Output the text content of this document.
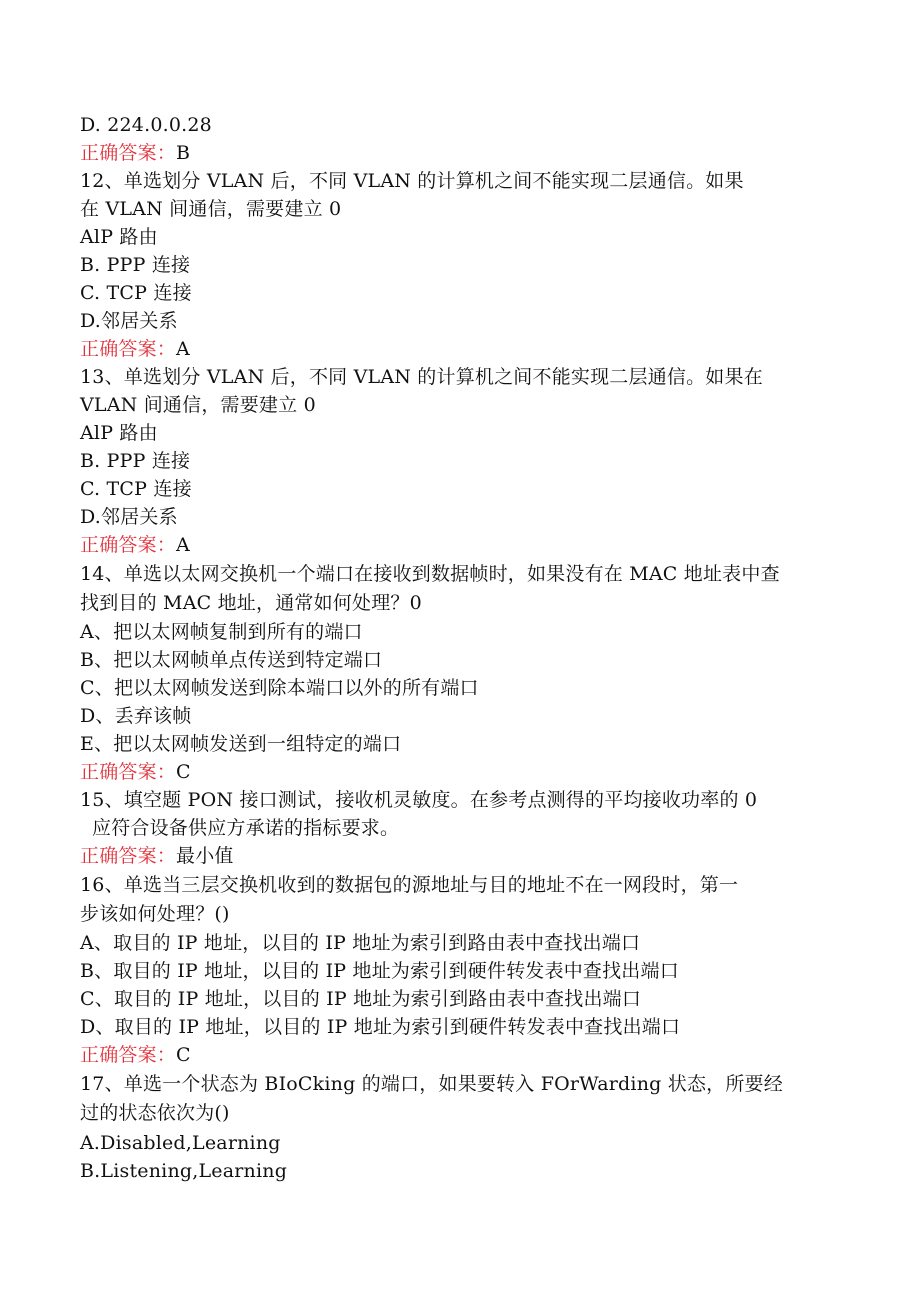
D. 224.0.0.28
正确答案：B
12、单选划分 VLAN 后，不同 VLAN 的计算机之间不能实现二层通信。如果
在 VLAN 间通信，需要建立 0
AlP 路由
B. PPP 连接
C. TCP 连接
D.邻居关系
正确答案：A
13、单选划分 VLAN 后，不同 VLAN 的计算机之间不能实现二层通信。如果在
VLAN 间通信，需要建立 0
AlP 路由
B. PPP 连接
C. TCP 连接
D.邻居关系
正确答案：A
14、单选以太网交换机一个端口在接收到数据帧时，如果没有在 MAC 地址表中查
找到目的 MAC 地址，通常如何处理？0
A、把以太网帧复制到所有的端口
B、把以太网帧单点传送到特定端口
C、把以太网帧发送到除本端口以外的所有端口
D、丢弃该帧
E、把以太网帧发送到一组特定的端口
正确答案：C
15、填空题 PON 接口测试，接收机灵敏度。在参考点测得的平均接收功率的 0
应符合设备供应方承诺的指标要求。
正确答案：最小值
16、单选当三层交换机收到的数据包的源地址与目的地址不在一网段时，第一
步该如何处理？()
A、取目的 IP 地址，以目的 IP 地址为索引到路由表中查找出端口
B、取目的 IP 地址，以目的 IP 地址为索引到硬件转发表中查找出端口
C、取目的 IP 地址，以目的 IP 地址为索引到路由表中查找出端口
D、取目的 IP 地址，以目的 IP 地址为索引到硬件转发表中查找出端口
正确答案：C
17、单选一个状态为 BIoCking 的端口，如果要转入 FOrWarding 状态，所要经
过的状态依次为()
A.Disabled,Learning
B.Listening,Learning
